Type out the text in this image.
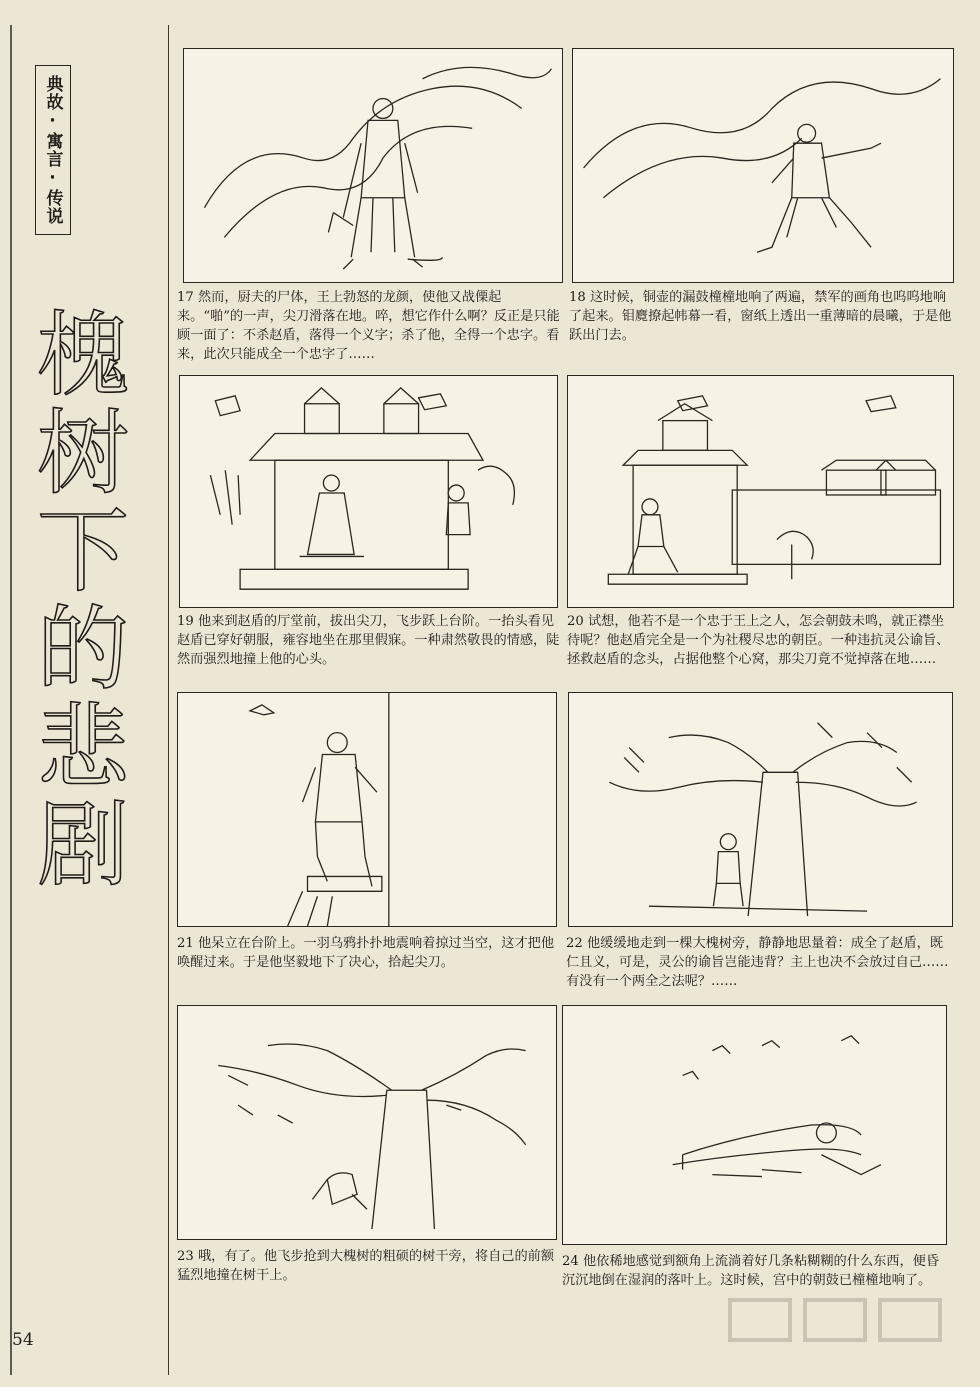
典故·寓言·传说
槐树下的悲剧
17 然而，厨夫的尸体，王上勃怒的龙颜，使他又战傈起来。“啪”的一声，尖刀滑落在地。啐，想它作什么啊？反正是只能顾一面了：不杀赵盾，落得一个义字；杀了他，全得一个忠字。看来，此次只能成全一个忠字了……
18 这时候，铜壶的漏鼓橦橦地响了两遍，禁军的画角也呜呜地响了起来。钼麑撩起帏幕一看，窗纸上透出一重薄暗的晨曦，于是他跃出门去。
19 他来到赵盾的厅堂前，拔出尖刀，飞步跃上台阶。一抬头看见赵盾已穿好朝服，雍容地坐在那里假寐。一种肃然敬畏的情感，陡然而强烈地撞上他的心头。
20 试想，他若不是一个忠于王上之人，怎会朝鼓未鸣，就正襟坐待呢？他赵盾完全是一个为社稷尽忠的朝臣。一种违抗灵公谕旨、拯救赵盾的念头，占据他整个心窝，那尖刀竟不觉掉落在地……
21 他呆立在台阶上。一羽乌鸦扑扑地震响着掠过当空，这才把他唤醒过来。于是他坚毅地下了决心，拾起尖刀。
22 他缓缓地走到一棵大槐树旁，静静地思量着：成全了赵盾，既仁且义，可是，灵公的谕旨岂能违背？主上也决不会放过自己……有没有一个两全之法呢？……
23 哦，有了。他飞步抢到大槐树的粗硕的树干旁，将自己的前额猛烈地撞在树干上。
24 他依稀地感觉到额角上流淌着好几条粘糊糊的什么东西，便昏沉沉地倒在湿润的落叶上。这时候，宫中的朝鼓已橦橦地响了。
54
